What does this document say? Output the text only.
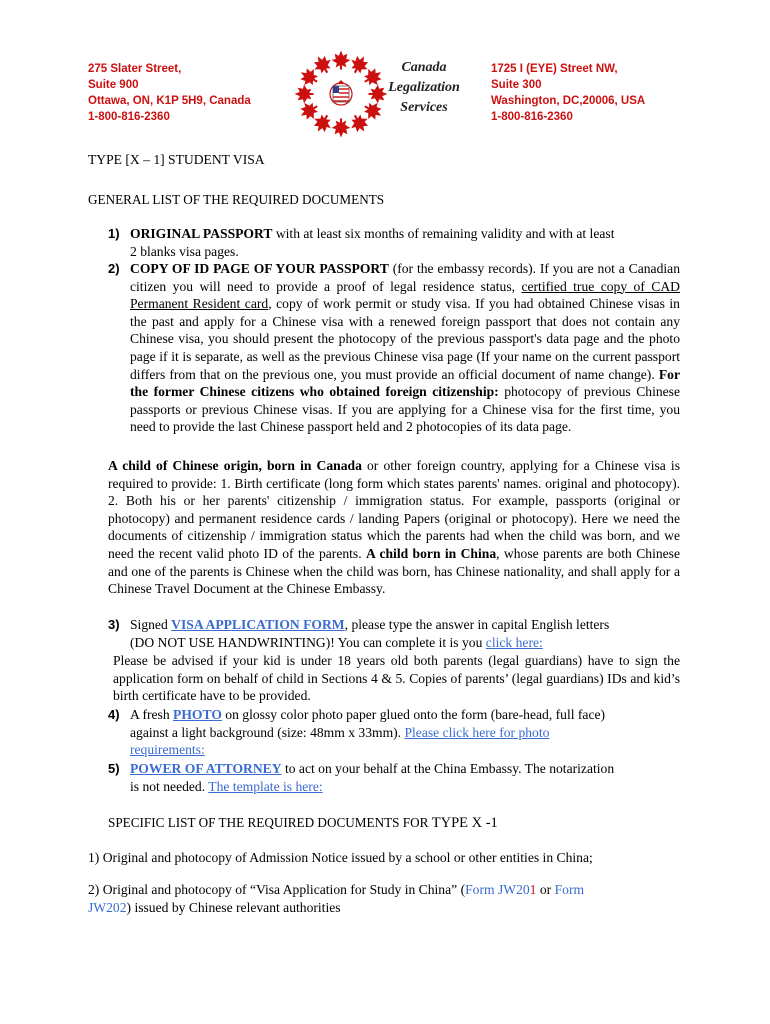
275 Slater Street,
Suite 900
Ottawa, ON, K1P 5H9, Canada
1-800-816-2360
Canada
Legalization
Services
1725 I (EYE) Street NW,
Suite 300
Washington, DC,20006, USA
1-800-816-2360
TYPE [X – 1] STUDENT VISA
GENERAL LIST OF THE REQUIRED DOCUMENTS
1) ORIGINAL PASSPORT with at least six months of remaining validity and with at least
2 blanks visa pages.
2) COPY OF ID PAGE OF YOUR PASSPORT (for the embassy records). If you are not a Canadian citizen you will need to provide a proof of legal residence status, certified true copy of CAD Permanent Resident card, copy of work permit or study visa. If you had obtained Chinese visas in the past and apply for a Chinese visa with a renewed foreign passport that does not contain any Chinese visa, you should present the photocopy of the previous passport's data page and the photo page if it is separate, as well as the previous Chinese visa page (If your name on the current passport differs from that on the previous one, you must provide an official document of name change). For the former Chinese citizens who obtained foreign citizenship: photocopy of previous Chinese passports or previous Chinese visas. If you are applying for a Chinese visa for the first time, you need to provide the last Chinese passport held and 2 photocopies of its data page.
A child of Chinese origin, born in Canada or other foreign country, applying for a Chinese visa is required to provide: 1. Birth certificate (long form which states parents' names. original and photocopy). 2. Both his or her parents' citizenship / immigration status. For example, passports (original or photocopy) and permanent residence cards / landing Papers (original or photocopy). Here we need the documents of citizenship / immigration status which the parents had when the child was born, and we need the recent valid photo ID of the parents. A child born in China, whose parents are both Chinese and one of the parents is Chinese when the child was born, has Chinese nationality, and shall apply for a Chinese Travel Document at the Chinese Embassy.
3) Signed VISA APPLICATION FORM, please type the answer in capital English letters
(DO NOT USE HANDWRINTING)! You can complete it is you click here:
Please be advised if your kid is under 18 years old both parents (legal guardians) have to sign the application form on behalf of child in Sections 4 & 5. Copies of parents’ (legal guardians) IDs and kid’s birth certificate have to be provided.
4) A fresh PHOTO on glossy color photo paper glued onto the form (bare-head, full face)
against a light background (size: 48mm x 33mm). Please click here for photo
requirements:
5) POWER OF ATTORNEY to act on your behalf at the China Embassy. The notarization
is not needed. The template is here:
SPECIFIC LIST OF THE REQUIRED DOCUMENTS FOR TYPE X -1
1) Original and photocopy of Admission Notice issued by a school or other entities in China;
2) Original and photocopy of “Visa Application for Study in China” (Form JW201 or Form
JW202) issued by Chinese relevant authorities
